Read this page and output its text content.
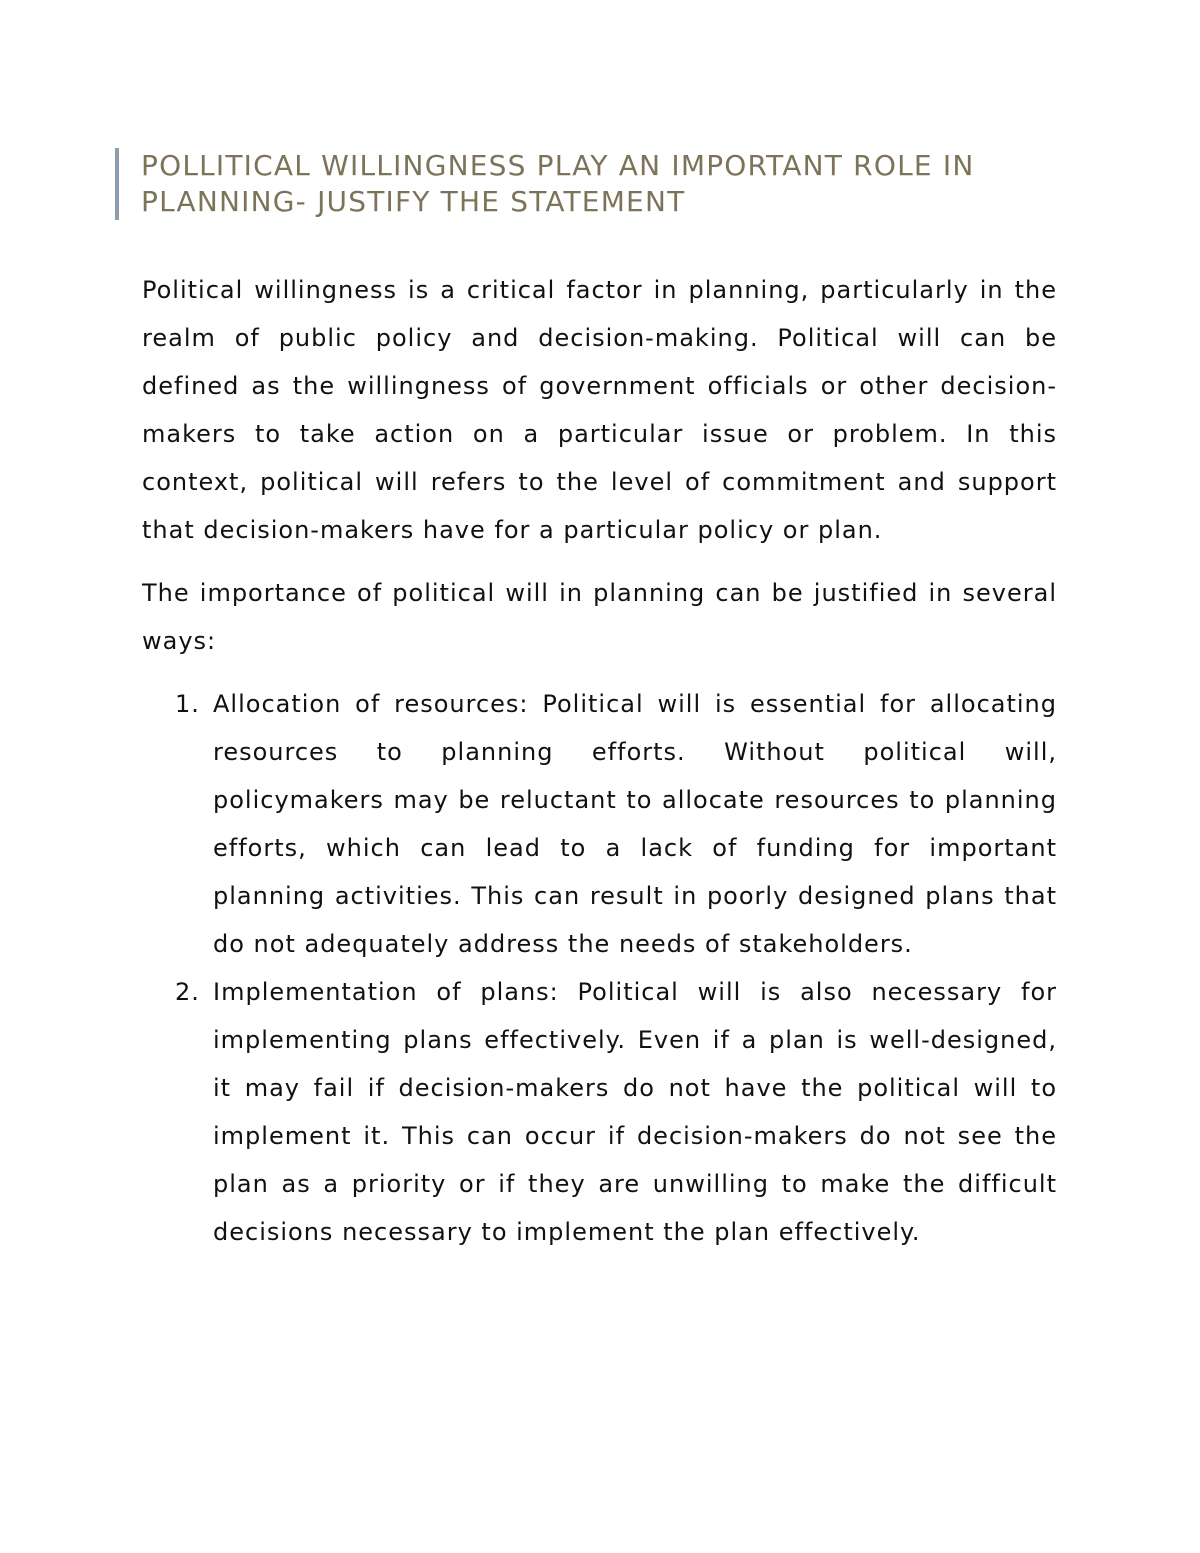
POLLITICAL WILLINGNESS PLAY AN IMPORTANT ROLE IN PLANNING- JUSTIFY THE STATEMENT

Political willingness is a critical factor in planning, particularly in the realm of public policy and decision-making. Political will can be defined as the willingness of government officials or other decision-makers to take action on a particular issue or problem. In this context, political will refers to the level of commitment and support that decision-makers have for a particular policy or plan.

The importance of political will in planning can be justified in several ways:

1. Allocation of resources: Political will is essential for allocating resources to planning efforts. Without political will, policymakers may be reluctant to allocate resources to planning efforts, which can lead to a lack of funding for important planning activities. This can result in poorly designed plans that do not adequately address the needs of stakeholders.
2. Implementation of plans: Political will is also necessary for implementing plans effectively. Even if a plan is well-designed, it may fail if decision-makers do not have the political will to implement it. This can occur if decision-makers do not see the plan as a priority or if they are unwilling to make the difficult decisions necessary to implement the plan effectively.
